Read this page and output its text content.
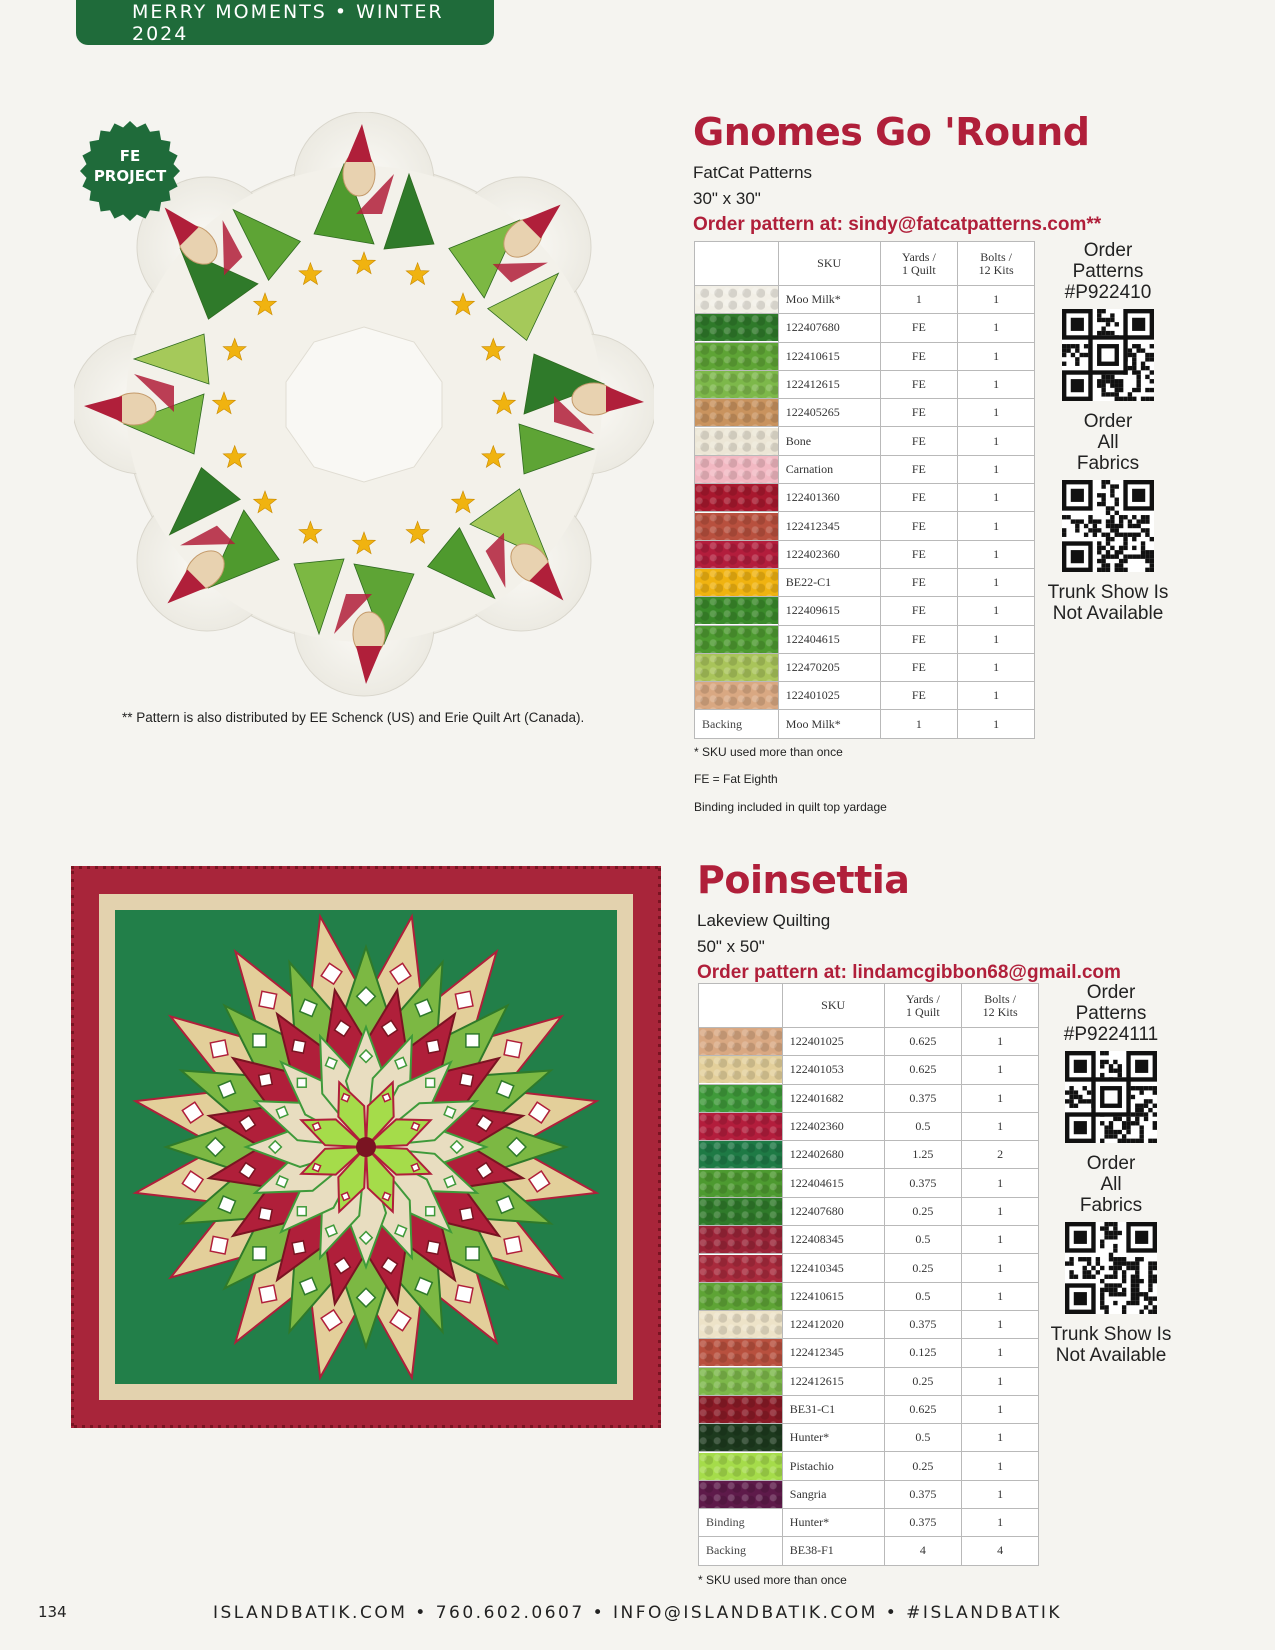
MERRY MOMENTS • WINTER 2024
FE
PROJECT
** Pattern is also distributed by EE Schenck (US) and Erie Quilt Art (Canada).
Gnomes Go 'Round
FatCat Patterns
30" x 30"
Order pattern at: sindy@fatcatpatterns.com**
	SKU	Yards /
1 Quilt	Bolts /
12 Kits

	Moo Milk*	1	1

	122407680	FE	1

	122410615	FE	1

	122412615	FE	1

	122405265	FE	1

	Bone	FE	1

	Carnation	FE	1

	122401360	FE	1

	122412345	FE	1

	122402360	FE	1

	BE22-C1	FE	1

	122409615	FE	1

	122404615	FE	1

	122470205	FE	1

	122401025	FE	1
Backing	Moo Milk*	1	1
* SKU used more than once
FE = Fat Eighth
Binding included in quilt top yardage
Order Patterns
#P922410
Order All Fabrics
Trunk Show Is Not Available
Poinsettia
Lakeview Quilting
50" x 50"
Order pattern at: lindamcgibbon68@gmail.com
	SKU	Yards /
1 Quilt	Bolts /
12 Kits

	122401025	0.625	1

	122401053	0.625	1

	122401682	0.375	1

	122402360	0.5	1

	122402680	1.25	2

	122404615	0.375	1

	122407680	0.25	1

	122408345	0.5	1

	122410345	0.25	1

	122410615	0.5	1

	122412020	0.375	1

	122412345	0.125	1

	122412615	0.25	1

	BE31-C1	0.625	1

	Hunter*	0.5	1

	Pistachio	0.25	1

	Sangria	0.375	1
Binding	Hunter*	0.375	1
Backing	BE38-F1	4	4
* SKU used more than once
Order Patterns
#P9224111
Order All Fabrics
Trunk Show Is Not Available
134	ISLANDBATIK.COM • 760.602.0607 • INFO@ISLANDBATIK.COM • #ISLANDBATIK
